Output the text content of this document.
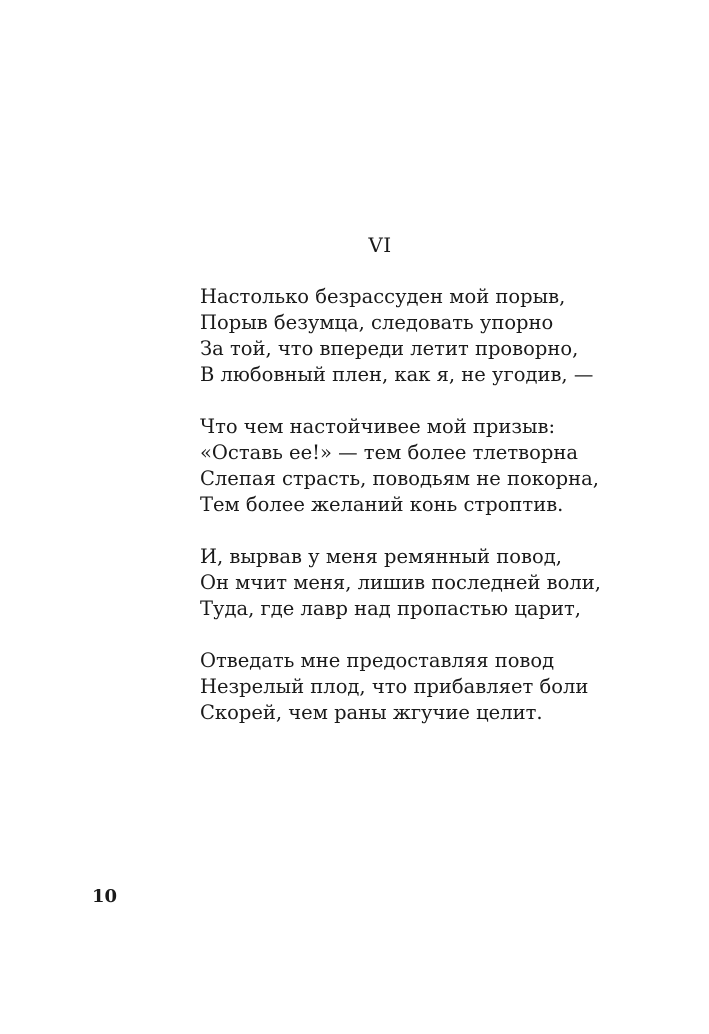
VI
Настолько безрассуден мой порыв,
Порыв безумца, следовать упорно
За той, что впереди летит проворно,
В любовный плен, как я, не угодив, —
Что чем настойчивее мой призыв:
«Оставь ее!» — тем более тлетворна
Слепая страсть, поводьям не покорна,
Тем более желаний конь строптив.
И, вырвав у меня ремянный повод,
Он мчит меня, лишив последней воли,
Туда, где лавр над пропастью царит,
Отведать мне предоставляя повод
Незрелый плод, что прибавляет боли
Скорей, чем раны жгучие целит.
10
